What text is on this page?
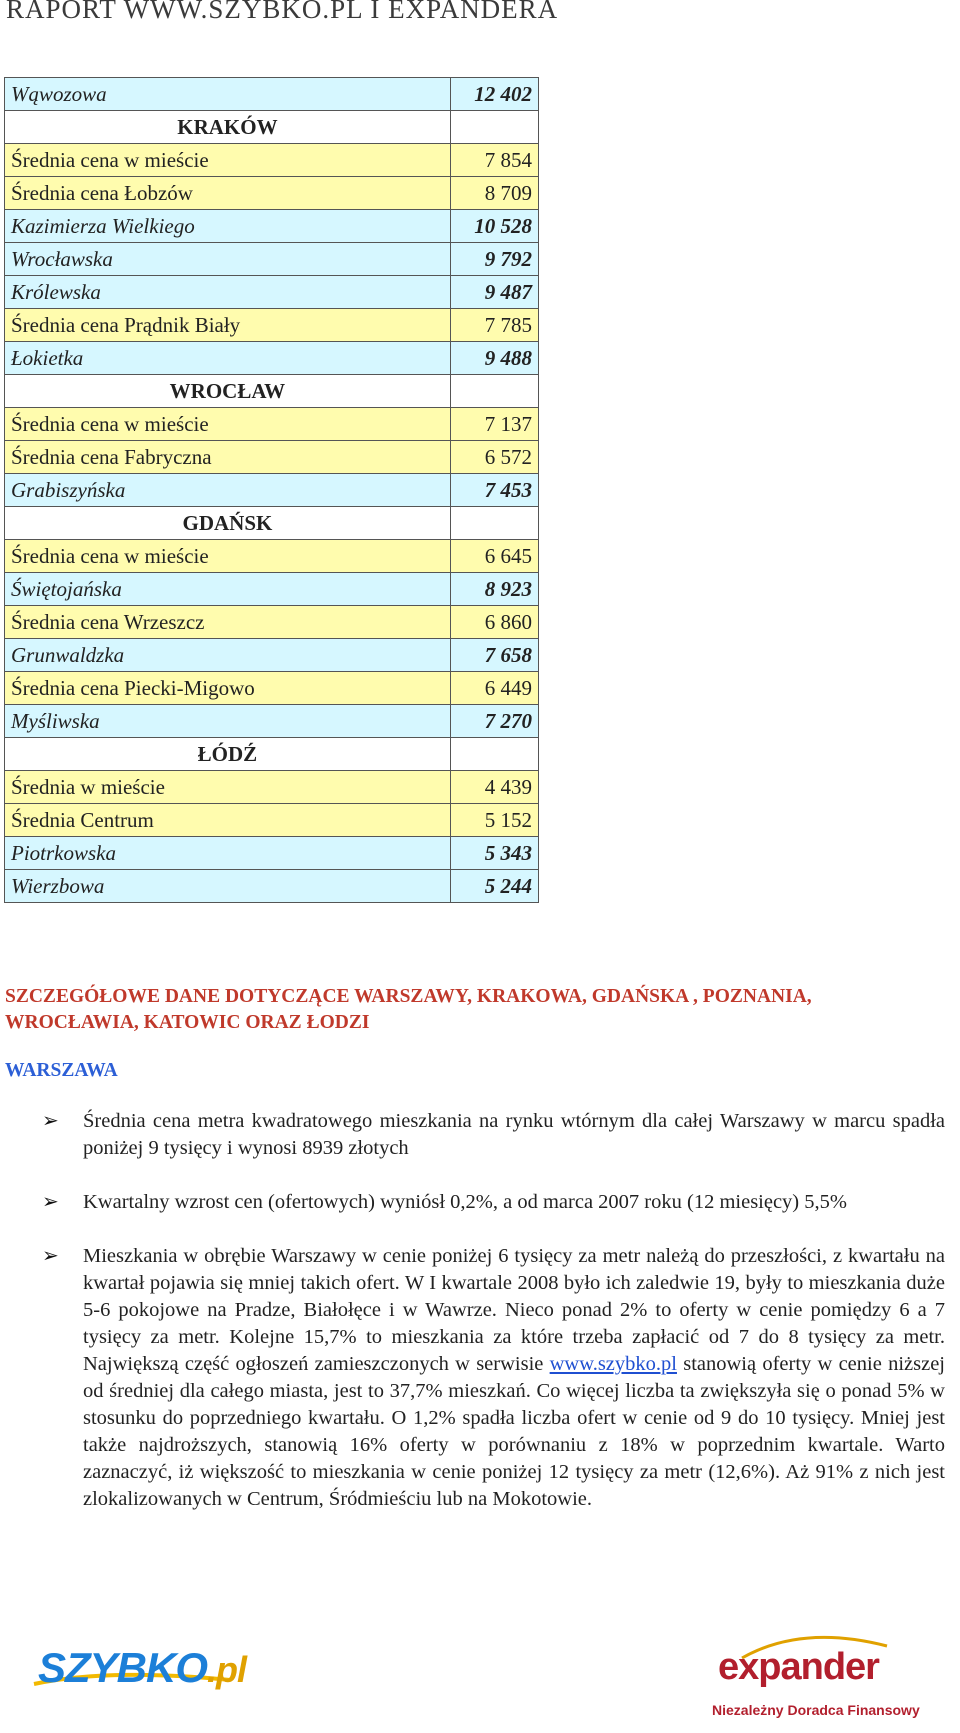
RAPORT WWW.SZYBKO.PL I EXPANDERA
Wąwozowa	12 402
KRAKÓW	
Średnia cena w mieście	7 854
Średnia cena Łobzów	8 709
Kazimierza Wielkiego	10 528
Wrocławska	9 792
Królewska	9 487
Średnia cena Prądnik Biały	7 785
Łokietka	9 488
WROCŁAW	
Średnia cena w mieście	7 137
Średnia cena Fabryczna	6 572
Grabiszyńska	7 453
GDAŃSK	
Średnia cena w mieście	6 645
Świętojańska	8 923
Średnia cena Wrzeszcz	6 860
Grunwaldzka	7 658
Średnia cena Piecki-Migowo	6 449
Myśliwska	7 270
ŁÓDŹ	
Średnia w mieście	4 439
Średnia Centrum	5 152
Piotrkowska	5 343
Wierzbowa	5 244
SZCZEGÓŁOWE DANE DOTYCZĄCE WARSZAWY, KRAKOWA, GDAŃSKA , POZNANIA, WROCŁAWIA, KATOWIC ORAZ ŁODZI
WARSZAWA
➢ Średnia cena metra kwadratowego mieszkania na rynku wtórnym dla całej Warszawy w marcu spadła poniżej 9 tysięcy i wynosi 8939 złotych
➢ Kwartalny wzrost cen (ofertowych) wyniósł 0,2%, a od marca 2007 roku (12 miesięcy) 5,5%
➢ Mieszkania w obrębie Warszawy w cenie poniżej 6 tysięcy za metr należą do przeszłości, z kwartału na kwartał pojawia się mniej takich ofert. W I kwartale 2008 było ich zaledwie 19, były to mieszkania duże 5-6 pokojowe na Pradze, Białołęce i w Wawrze. Nieco ponad 2% to oferty w cenie pomiędzy 6 a 7 tysięcy za metr. Kolejne 15,7% to mieszkania za które trzeba zapłacić od 7 do 8 tysięcy za metr. Największą część ogłoszeń zamieszczonych w serwisie www.szybko.pl stanowią oferty w cenie niższej od średniej dla całego miasta, jest to 37,7% mieszkań. Co więcej liczba ta zwiększyła się o ponad 5% w stosunku do poprzedniego kwartału. O 1,2% spadła liczba ofert w cenie od 9 do 10 tysięcy. Mniej jest także najdroższych, stanowią 16% oferty w porównaniu z 18% w poprzednim kwartale. Warto zaznaczyć, iż większość to mieszkania w cenie poniżej 12 tysięcy za metr (12,6%). Aż 91% z nich jest zlokalizowanych w Centrum, Śródmieściu lub na Mokotowie.
SZYBKO.pl	expander
Niezależny Doradca Finansowy
